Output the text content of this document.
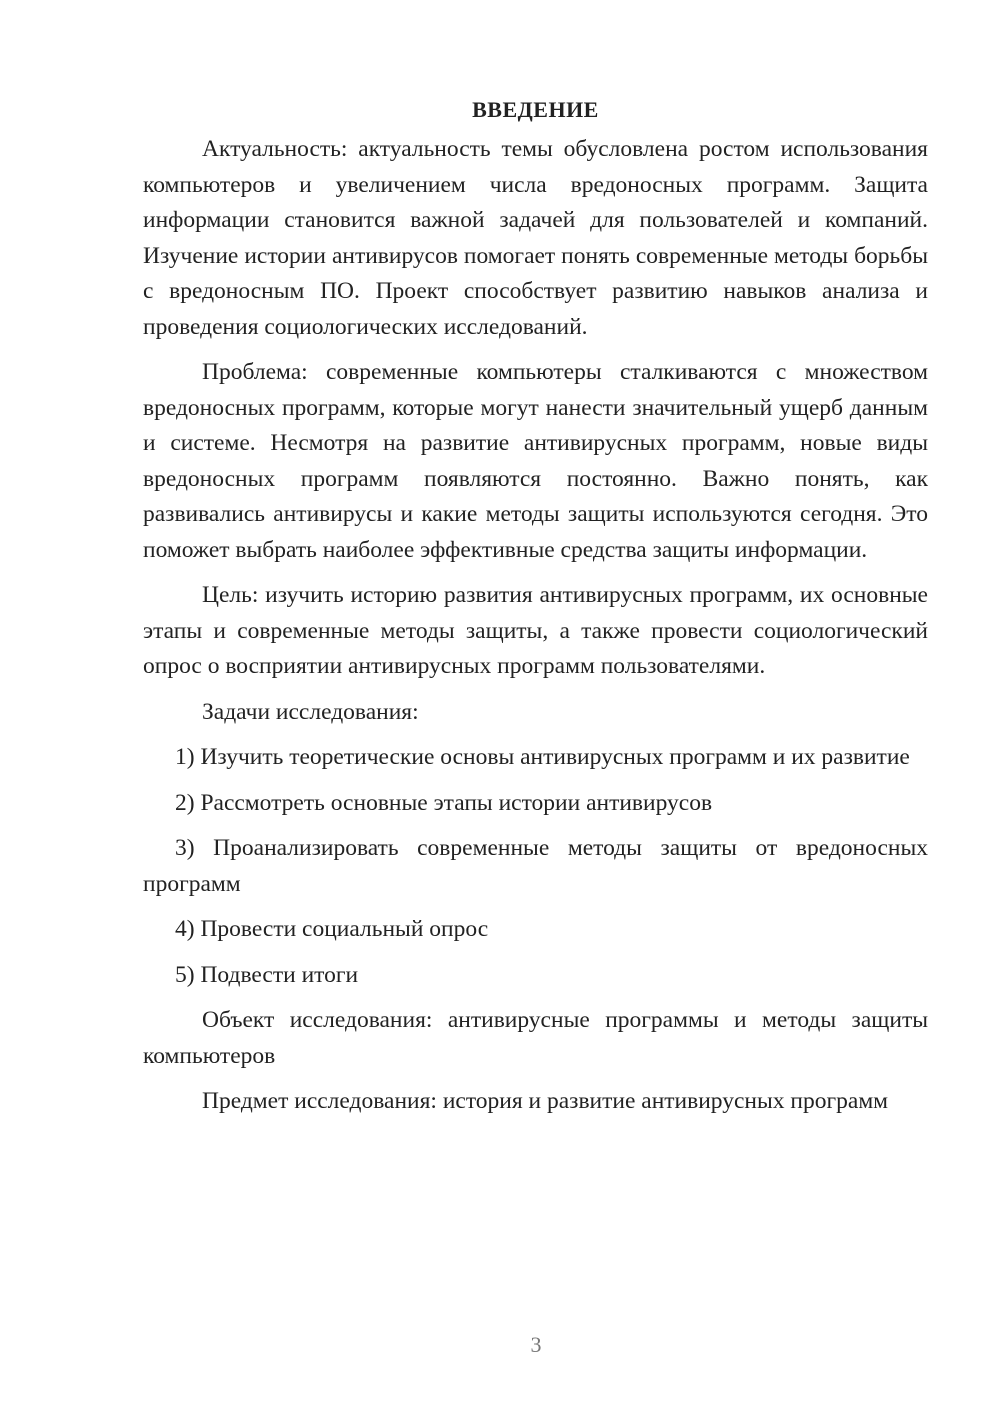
ВВЕДЕНИЕ

Актуальность: актуальность темы обусловлена ростом использования компьютеров и увеличением числа вредоносных программ. Защита информации становится важной задачей для пользователей и компаний. Изучение истории антивирусов помогает понять современные методы борьбы с вредоносным ПО. Проект способствует развитию навыков анализа и проведения социологических исследований.

Проблема: современные компьютеры сталкиваются с множеством вредоносных программ, которые могут нанести значительный ущерб данным и системе. Несмотря на развитие антивирусных программ, новые виды вредоносных программ появляются постоянно. Важно понять, как развивались антивирусы и какие методы защиты используются сегодня. Это поможет выбрать наиболее эффективные средства защиты информации.

Цель: изучить историю развития антивирусных программ, их основные этапы и современные методы защиты, а также провести социологический опрос о восприятии антивирусных программ пользователями.

Задачи исследования:

1) Изучить теоретические основы антивирусных программ и их развитие

2) Рассмотреть основные этапы истории антивирусов

3) Проанализировать современные методы защиты от вредоносных программ

4) Провести социальный опрос

5) Подвести итоги

Объект исследования: антивирусные программы и методы защиты компьютеров

Предмет исследования: история и развитие антивирусных программ

3
